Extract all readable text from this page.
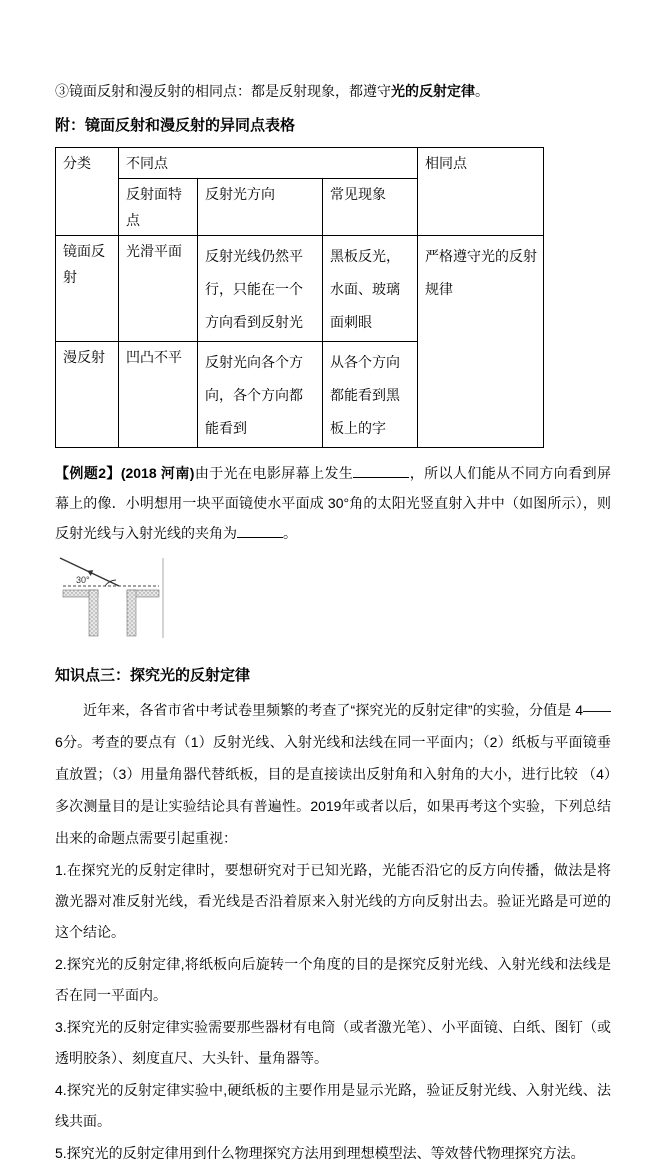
③镜面反射和漫反射的相同点：都是反射现象，都遵守光的反射定律。

附：镜面反射和漫反射的异同点表格

分类	不同点			相同点
	反射面特点	反射光方向	常见现象	
镜面反射	光滑平面	反射光线仍然平行，只能在一个方向看到反射光	黑板反光，水面、玻璃面刺眼	严格遵守光的反射规律
漫反射	凹凸不平	反射光向各个方向，各个方向都能看到	从各个方向都能看到黑板上的字	

【例题2】(2018 河南)由于光在电影屏幕上发生	，所以人们能从不同方向看到屏幕上的像．小明想用一块平面镜使水平面成 30°角的太阳光竖直射入井中（如图所示），则反射光线与入射光线的夹角为	。

30°

知识点三：探究光的反射定律

近年来，各省市省中考试卷里频繁的考查了“探究光的反射定律”的实验，分值是 4——6分。考查的要点有（1）反射光线、入射光线和法线在同一平面内；（2）纸板与平面镜垂直放置；（3）用量角器代替纸板，目的是直接读出反射角和入射角的大小，进行比较 （4）多次测量目的是让实验结论具有普遍性。2019年或者以后，如果再考这个实验，下列总结出来的命题点需要引起重视：

1.在探究光的反射定律时，要想研究对于已知光路，光能否沿它的反方向传播，做法是将激光器对准反射光线，看光线是否沿着原来入射光线的方向反射出去。验证光路是可逆的这个结论。

2.探究光的反射定律,将纸板向后旋转一个角度的目的是探究反射光线、入射光线和法线是否在同一平面内。

3.探究光的反射定律实验需要那些器材有电筒（或者激光笔）、小平面镜、白纸、图钉（或透明胶条）、刻度直尺、大头针、量角器等。

4.探究光的反射定律实验中,硬纸板的主要作用是显示光路，验证反射光线、入射光线、法线共面。

5.探究光的反射定律用到什么物理探究方法用到理想模型法、等效替代物理探究方法。
